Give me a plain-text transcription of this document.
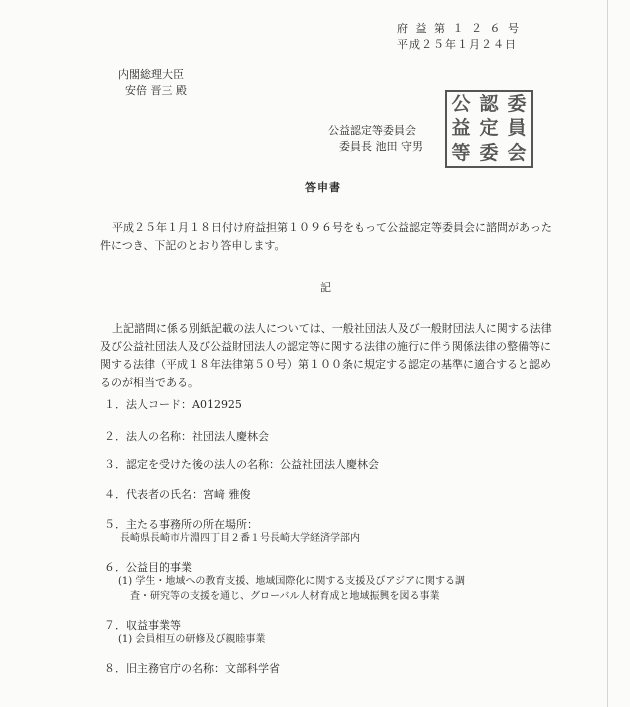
府 益 第 １ ２ ６ 号
平成２５年１月２４日
内閣総理大臣
安倍 晋三 殿
公益認定等委員会
委員長 池田 守男
公 認 委
益 定 員
等 委 会
答申書
平成２５年１月１８日付け府益担第１０９６号をもって公益認定等委員会に諮問があった件につき、下記のとおり答申します。
記
上記諮問に係る別紙記載の法人については、一般社団法人及び一般財団法人に関する法律及び公益社団法人及び公益財団法人の認定等に関する法律の施行に伴う関係法律の整備等に関する法律（平成１８年法律第５０号）第１００条に規定する認定の基準に適合すると認めるのが相当である。
１．法人コード：A012925
２．法人の名称：社団法人慶林会
３．認定を受けた後の法人の名称：公益社団法人慶林会
４．代表者の氏名：宮﨑 雅俊
５．主たる事務所の所在場所：
長崎県長崎市片淵四丁目２番１号長崎大学経済学部内
６．公益目的事業
(1) 学生・地域への教育支援、地域国際化に関する支援及びアジアに関する調
査・研究等の支援を通じ、グローバル人材育成と地域振興を図る事業
７．収益事業等
(1) 会員相互の研修及び親睦事業
８．旧主務官庁の名称：文部科学省
